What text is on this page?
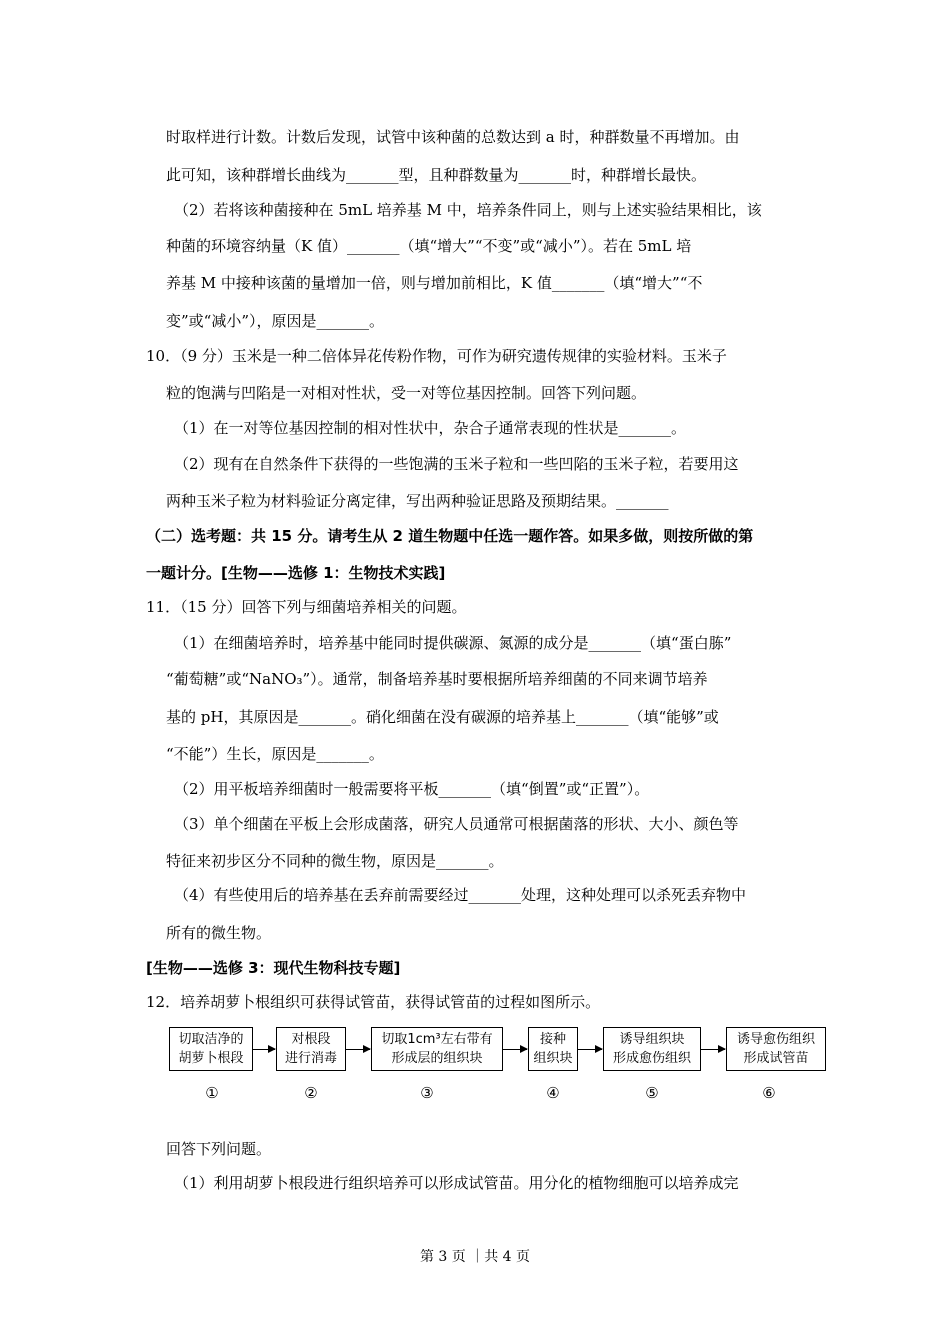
时取样进行计数。计数后发现，试管中该种菌的总数达到 a 时，种群数量不再增加。由
此可知，该种群增长曲线为_______型，且种群数量为_______时，种群增长最快。
（2）若将该种菌接种在 5mL 培养基 M 中，培养条件同上，则与上述实验结果相比，该
种菌的环境容纳量（K 值）_______（填“增大”“不变”或“减小”）。若在 5mL 培
养基 M 中接种该菌的量增加一倍，则与增加前相比，K 值_______（填“增大”“不
变”或“减小”），原因是_______。
10．（9 分）玉米是一种二倍体异花传粉作物，可作为研究遗传规律的实验材料。玉米子
粒的饱满与凹陷是一对相对性状，受一对等位基因控制。回答下列问题。
（1）在一对等位基因控制的相对性状中，杂合子通常表现的性状是_______。
（2）现有在自然条件下获得的一些饱满的玉米子粒和一些凹陷的玉米子粒，若要用这
两种玉米子粒为材料验证分离定律，写出两种验证思路及预期结果。_______
（二）选考题：共 15 分。请考生从 2 道生物题中任选一题作答。如果多做，则按所做的第
一题计分。[生物——选修 1：生物技术实践]
11．（15 分）回答下列与细菌培养相关的问题。
（1）在细菌培养时，培养基中能同时提供碳源、氮源的成分是_______（填“蛋白胨”
“葡萄糖”或“NaNO₃”）。通常，制备培养基时要根据所培养细菌的不同来调节培养
基的 pH，其原因是_______。硝化细菌在没有碳源的培养基上_______（填“能够”或
“不能”）生长，原因是_______。
（2）用平板培养细菌时一般需要将平板_______（填“倒置”或“正置”）。
（3）单个细菌在平板上会形成菌落，研究人员通常可根据菌落的形状、大小、颜色等
特征来初步区分不同种的微生物，原因是_______。
（4）有些使用后的培养基在丢弃前需要经过_______处理，这种处理可以杀死丢弃物中
所有的微生物。
[生物——选修 3：现代生物科技专题]
12．培养胡萝卜根组织可获得试管苗，获得试管苗的过程如图所示。
回答下列问题。
（1）利用胡萝卜根段进行组织培养可以形成试管苗。用分化的植物细胞可以培养成完
切取洁净的
胡萝卜根段
对根段
进行消毒
切取1cm³左右带有
形成层的组织块
接种
组织块
诱导组织块
形成愈伤组织
诱导愈伤组织
形成试管苗
①	②	③	④	⑤	⑥
第 3 页 ｜共 4 页
